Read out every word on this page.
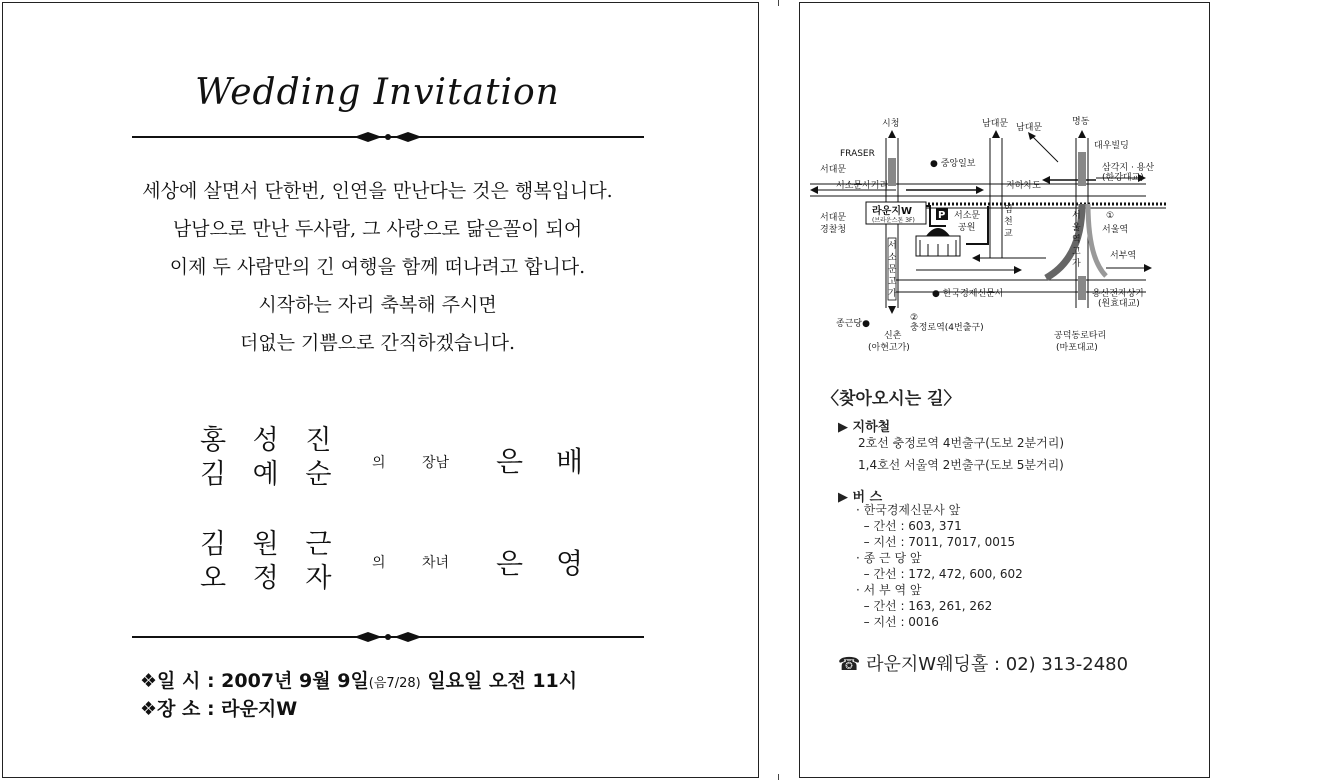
Wedding Invitation
세상에 살면서 단한번, 인연을 만난다는 것은 행복입니다.
남남으로 만난 두사람, 그 사랑으로 닮은꼴이 되어
이제 두 사람만의 긴 여행을 함께 떠나려고 합니다.
시작하는 자리 축복해 주시면
더없는 기쁨으로 간직하겠습니다.
홍 성 진
김 예 순 의	장남 은 배
김 원 근
오 정 자 의	차녀 은 영
❖일 시 : 2007년 9월 9일(음7/28) 일요일 오전 11시
❖장 소 : 라운지W
시청	남대문 남대문
명동
FRASER
대우빌딩
서대문
● 중앙일보	삼각지 · 용산
(한강대교)
서소문사거리	지하차도
라운지W
(브라운스톤 3F) P 서소문
공원
염
천
교
서대문
경찰청
서
소
문
고
가
서
울
역
고
가
①
서울역
서부역
● 한국경제신문사	용산전자상가
(원효대교)
종근당●
②
충정로역(4번출구)
신촌
(아현고가)
공덕동로타리
(마포대교)
〈찾아오시는 길〉
▶ 지하철
2호선 충정로역 4번출구(도보 2분거리)
1,4호선 서울역 2번출구(도보 5분거리)
▶ 버 스
· 한국경제신문사 앞
– 간선 : 603, 371
– 지선 : 7011, 7017, 0015
· 종 근 당 앞
– 간선 : 172, 472, 600, 602
· 서 부 역 앞
– 간선 : 163, 261, 262
– 지선 : 0016
☎ 라운지W웨딩홀 : 02) 313-2480
